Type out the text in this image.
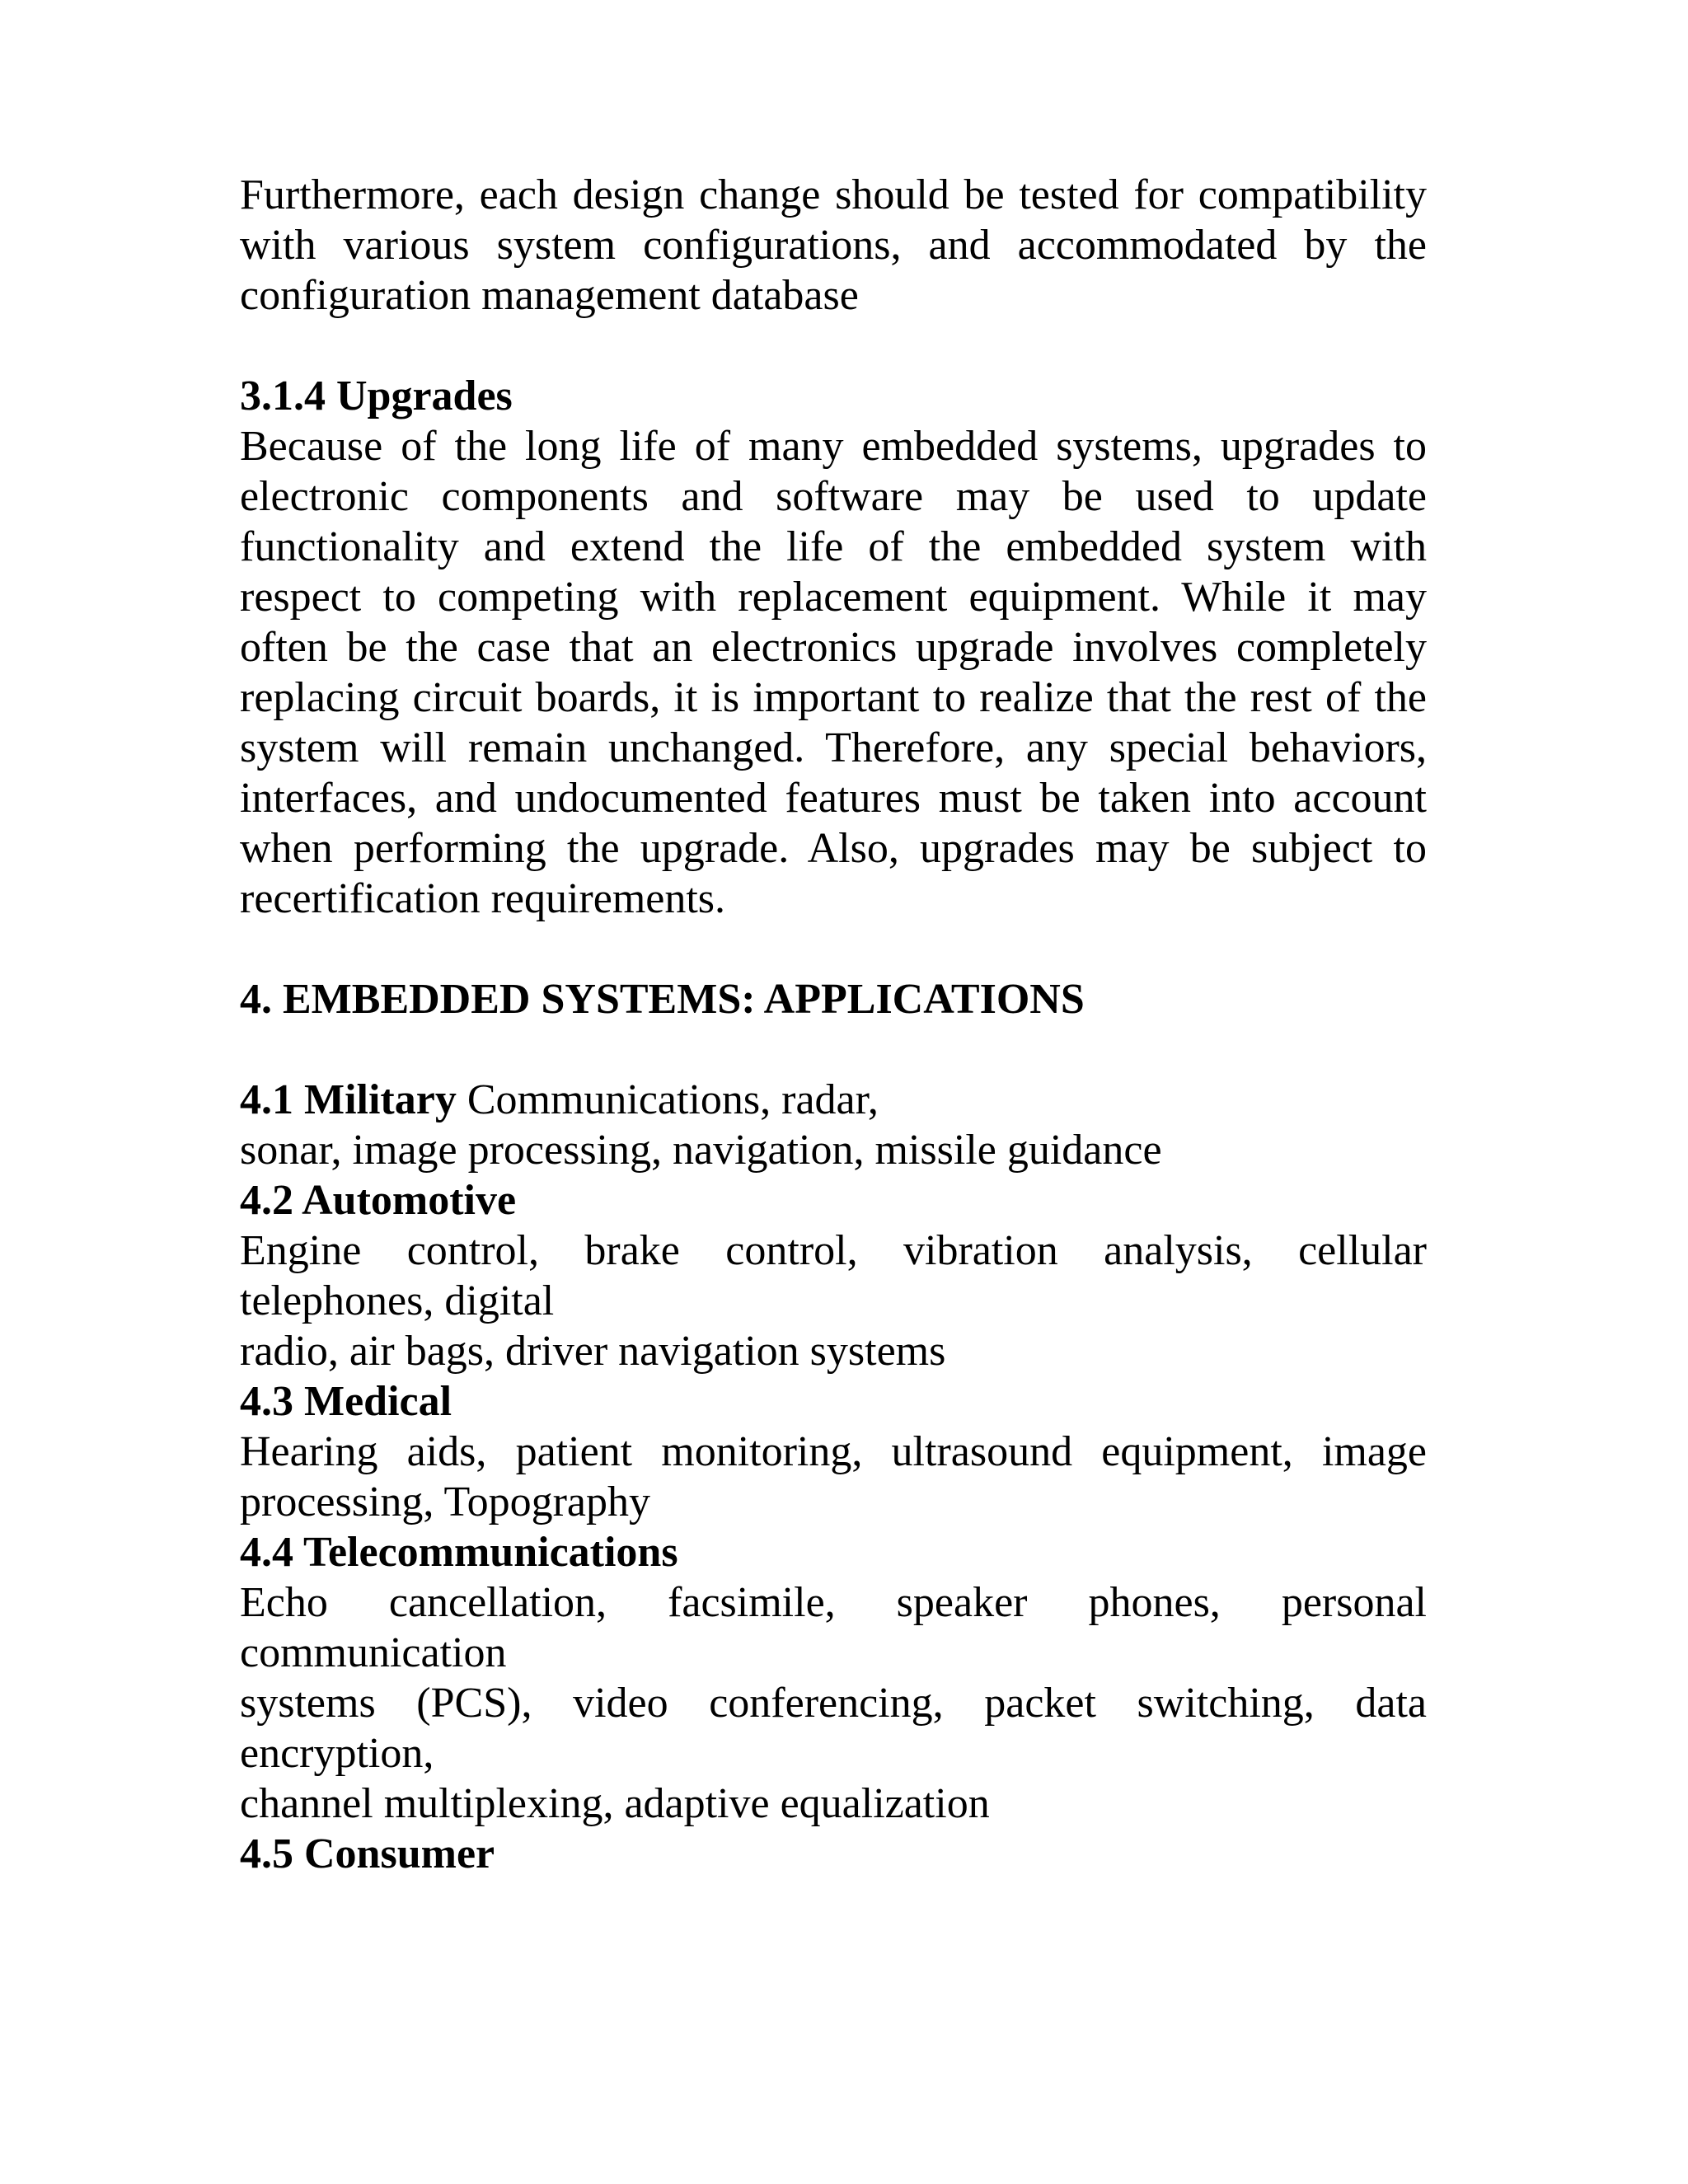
Furthermore, each design change should be tested for compatibility
with various system configurations, and accommodated by the
configuration management database
3.1.4 Upgrades
Because of the long life of many embedded systems, upgrades to
electronic components and software may be used to update
functionality and extend the life of the embedded system with
respect to competing with replacement equipment. While it may
often be the case that an electronics upgrade involves completely
replacing circuit boards, it is important to realize that the rest of the
system will remain unchanged. Therefore, any special behaviors,
interfaces, and undocumented features must be taken into account
when performing the upgrade. Also, upgrades may be subject to
recertification requirements.
4. EMBEDDED SYSTEMS: APPLICATIONS
4.1 Military Communications, radar,
sonar, image processing, navigation, missile guidance
4.2 Automotive
Engine control, brake control, vibration analysis, cellular
telephones, digital
radio, air bags, driver navigation systems
4.3 Medical
Hearing aids, patient monitoring, ultrasound equipment, image
processing, Topography
4.4 Telecommunications
Echo cancellation, facsimile, speaker phones, personal
communication
systems (PCS), video conferencing, packet switching, data
encryption,
channel multiplexing, adaptive equalization
4.5 Consumer
